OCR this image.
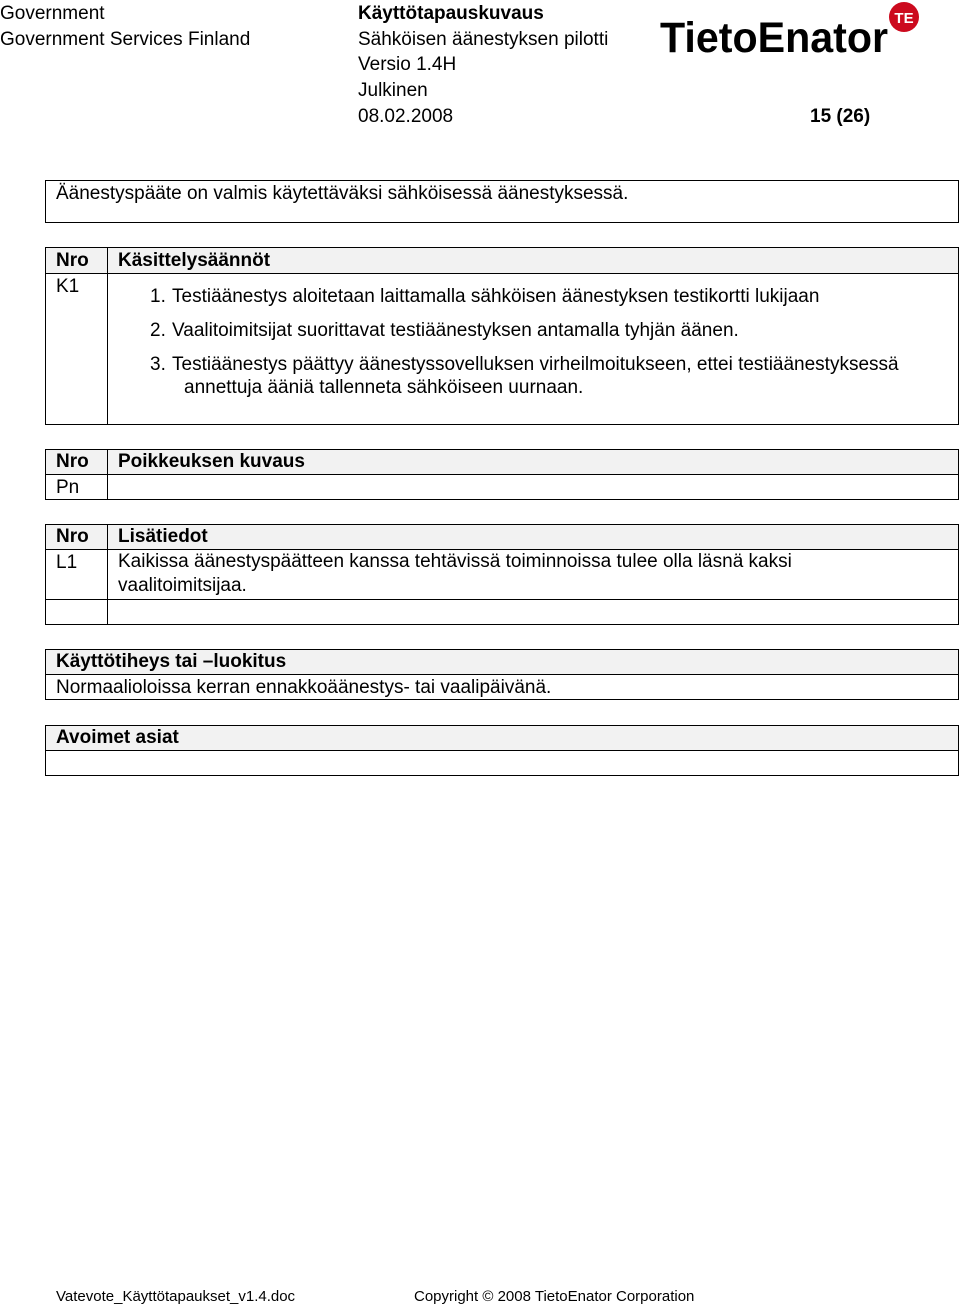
Government
Government Services Finland
Käyttötapauskuvaus
Sähköisen äänestyksen pilotti
Versio 1.4H
Julkinen
08.02.2008	15 (26)
TietoEnator TE
Äänestyspääte on valmis käytettäväksi sähköisessä äänestyksessä.
Nro Käsittelysäännöt
K1	1. Testiäänestys aloitetaan laittamalla sähköisen äänestyksen testikortti lukijaan
2. Vaalitoimitsijat suorittavat testiäänestyksen antamalla tyhjän äänen.
3. Testiäänestys päättyy äänestyssovelluksen virheilmoitukseen, ettei testiäänestyksessä
annettuja ääniä tallenneta sähköiseen uurnaan.
Nro Poikkeuksen kuvaus
Pn
Nro Lisätiedot
L1 Kaikissa äänestyspäätteen kanssa tehtävissä toiminnoissa tulee olla läsnä kaksi
vaalitoimitsijaa.
Käyttötiheys tai –luokitus
Normaalioloissa kerran ennakkoäänestys- tai vaalipäivänä.
Avoimet asiat
Vatevote_Käyttötapaukset_v1.4.doc	Copyright © 2008 TietoEnator Corporation
